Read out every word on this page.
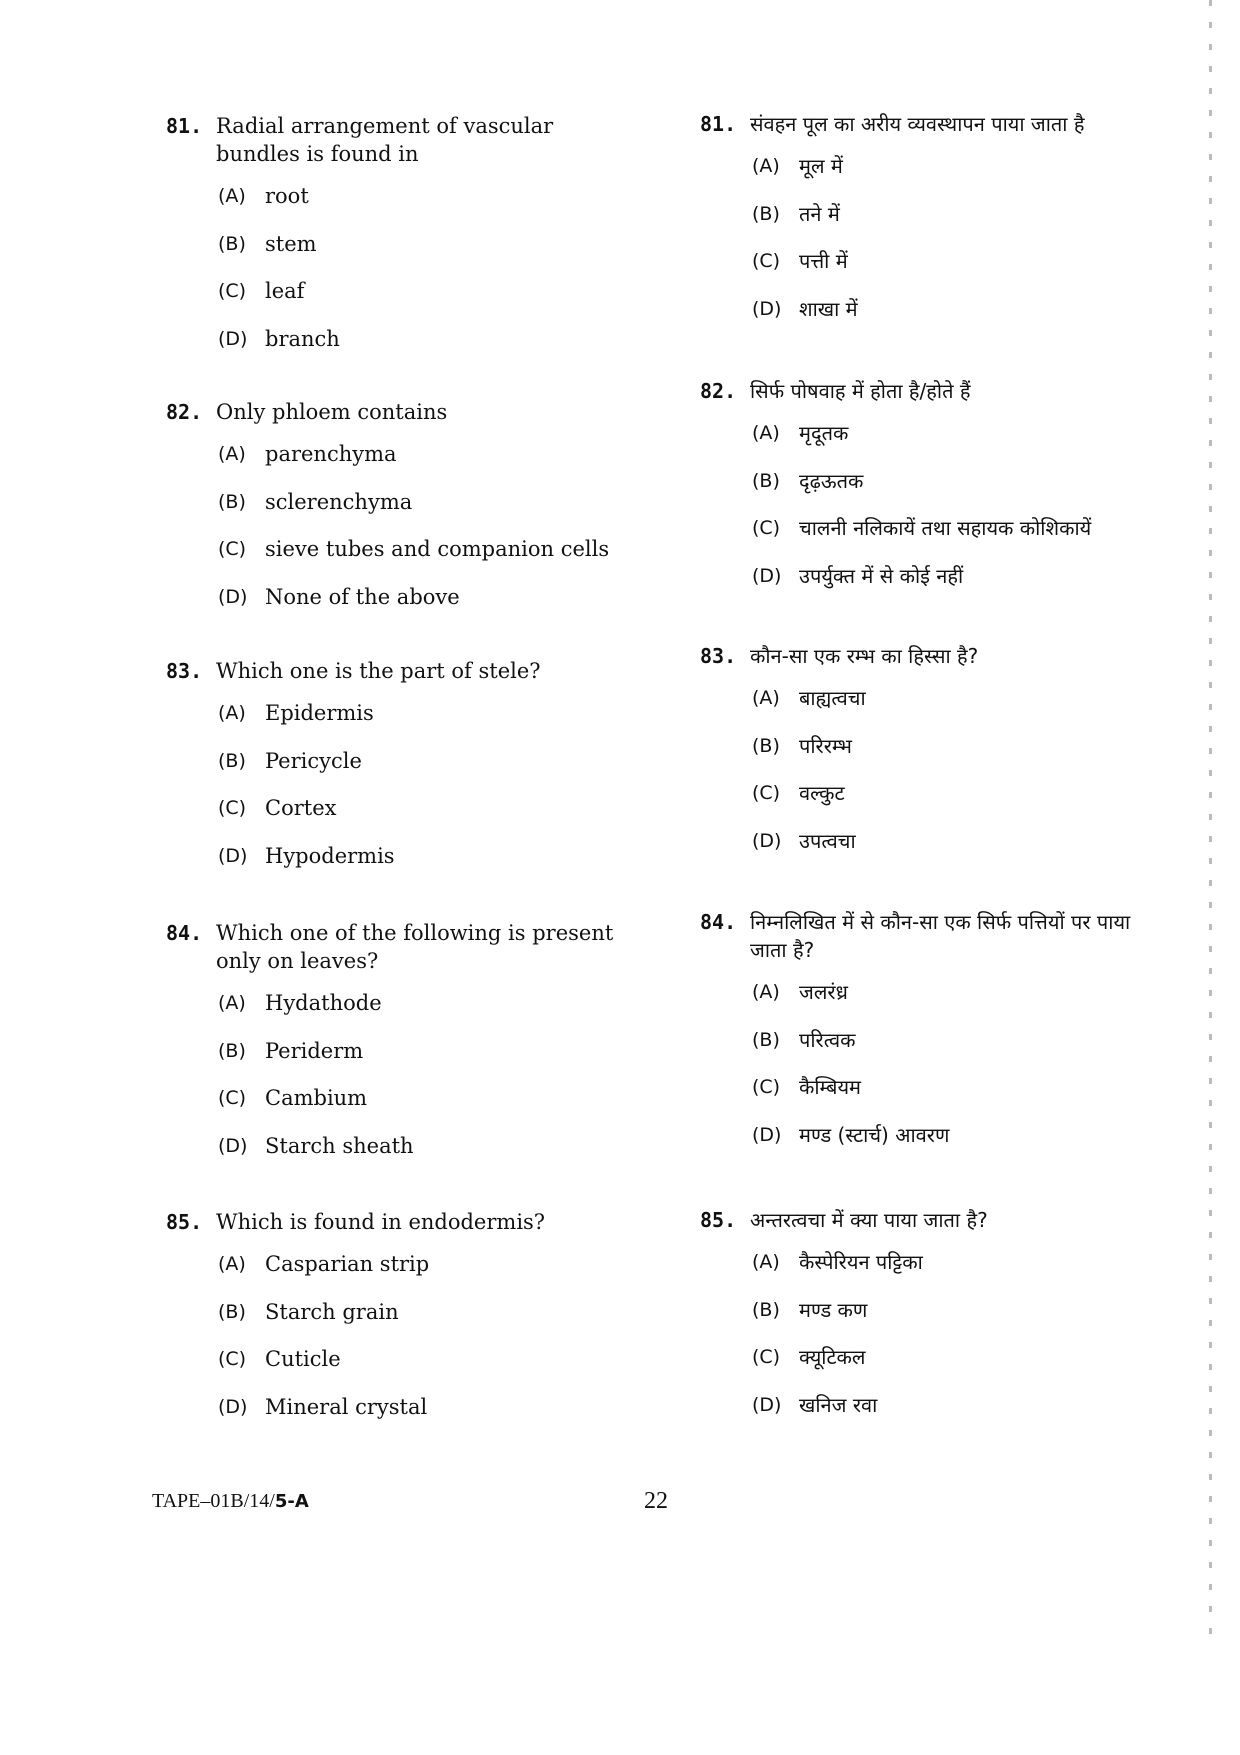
81. Radial arrangement of vascular bundles is found in
(A) root
(B) stem
(C) leaf
(D) branch
82. Only phloem contains
(A) parenchyma
(B) sclerenchyma
(C) sieve tubes and companion cells
(D) None of the above
83. Which one is the part of stele?
(A) Epidermis
(B) Pericycle
(C) Cortex
(D) Hypodermis
84. Which one of the following is present only on leaves?
(A) Hydathode
(B) Periderm
(C) Cambium
(D) Starch sheath
85. Which is found in endodermis?
(A) Casparian strip
(B) Starch grain
(C) Cuticle
(D) Mineral crystal
81. संवहन पूल का अरीय व्यवस्थापन पाया जाता है
(A) मूल में
(B) तने में
(C) पत्ती में
(D) शाखा में
82. सिर्फ पोषवाह में होता है/होते हैं
(A) मृदूतक
(B) दृढ़ऊतक
(C) चालनी नलिकायें तथा सहायक कोशिकायें
(D) उपर्युक्त में से कोई नहीं
83. कौन-सा एक रम्भ का हिस्सा है?
(A) बाह्यत्वचा
(B) परिरम्भ
(C) वल्कुट
(D) उपत्वचा
84. निम्नलिखित में से कौन-सा एक सिर्फ पत्तियों पर पाया जाता है?
(A) जलरंध्र
(B) परित्वक
(C) कैम्बियम
(D) मण्ड (स्टार्च) आवरण
85. अन्तरत्वचा में क्या पाया जाता है?
(A) कैस्पेरियन पट्टिका
(B) मण्ड कण
(C) क्यूटिकल
(D) खनिज रवा
TAPE–01B/14/5-A	22
